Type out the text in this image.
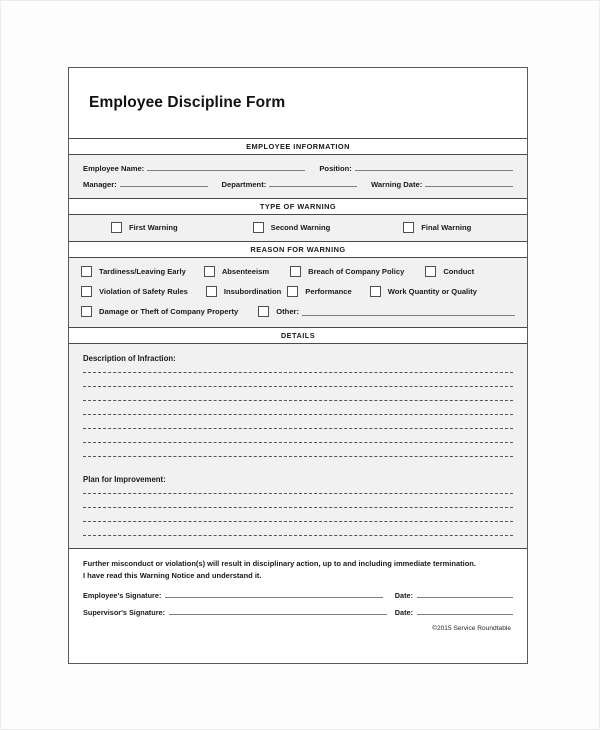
Employee Discipline Form
EMPLOYEE INFORMATION
Employee Name:	Position:
Manager:	Department:	Warning Date:
TYPE OF WARNING
First Warning	Second Warning	Final Warning
REASON FOR WARNING
Tardiness/Leaving Early	Absenteeism	Breach of Company Policy	Conduct
Violation of Safety Rules	Insubordination	Performance	Work Quantity or Quality
Damage or Theft of Company Property	Other:
DETAILS
Description of Infraction:
Plan for Improvement:
Further misconduct or violation(s) will result in disciplinary action, up to and including immediate termination.
I have read this Warning Notice and understand it.
Employee's Signature:	Date:
Supervisor's Signature:	Date:
©2015 Service Roundtable
